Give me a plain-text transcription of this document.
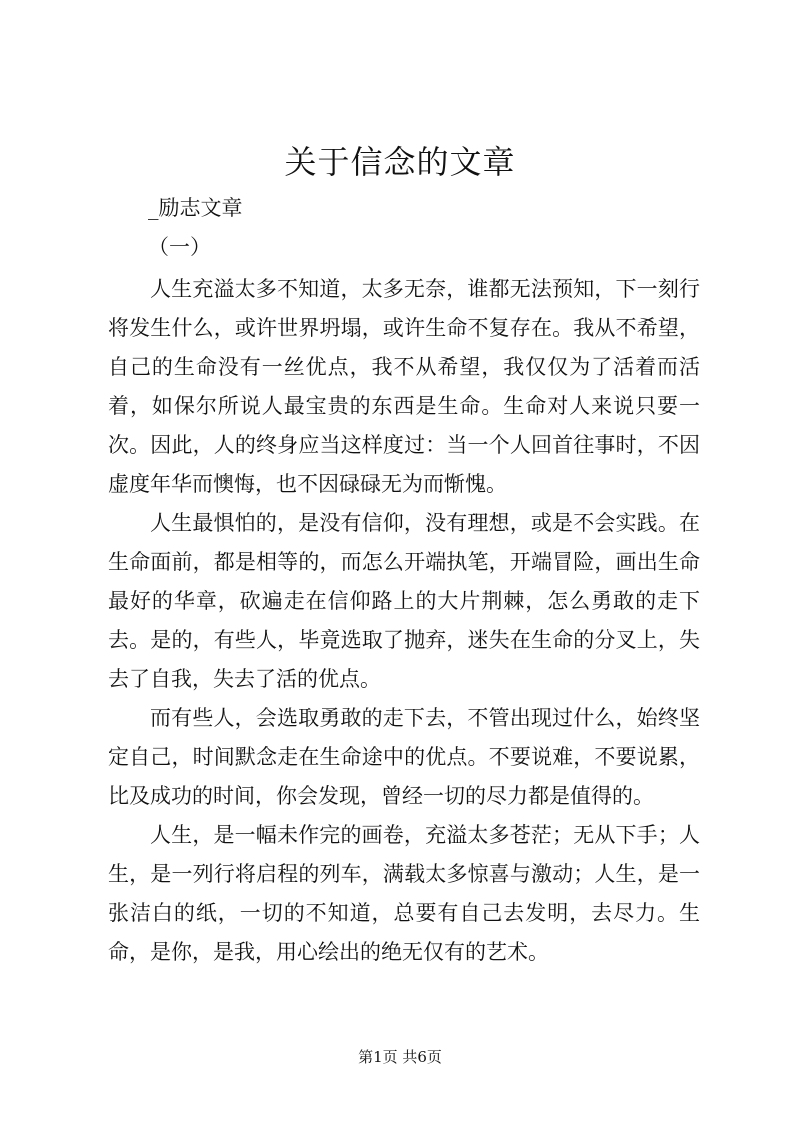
关于信念的文章
_励志文章
（一）

人生充溢太多不知道，太多无奈，谁都无法预知，下一刻行将发生什么，或许世界坍塌，或许生命不复存在。我从不希望，自己的生命没有一丝优点，我不从希望，我仅仅为了活着而活着，如保尔所说人最宝贵的东西是生命。生命对人来说只要一次。因此，人的终身应当这样度过：当一个人回首往事时，不因虚度年华而懊悔，也不因碌碌无为而惭愧。

人生最惧怕的，是没有信仰，没有理想，或是不会实践。在生命面前，都是相等的，而怎么开端执笔，开端冒险，画出生命最好的华章，砍遍走在信仰路上的大片荆棘，怎么勇敢的走下去。是的，有些人，毕竟选取了抛弃，迷失在生命的分叉上，失去了自我，失去了活的优点。

而有些人，会选取勇敢的走下去，不管出现过什么，始终坚定自己，时间默念走在生命途中的优点。不要说难，不要说累，比及成功的时间，你会发现，曾经一切的尽力都是值得的。

人生，是一幅未作完的画卷，充溢太多苍茫；无从下手；人生，是一列行将启程的列车，满载太多惊喜与激动；人生，是一张洁白的纸，一切的不知道，总要有自己去发明，去尽力。生命，是你，是我，用心绘出的绝无仅有的艺术。

第1页 共6页
